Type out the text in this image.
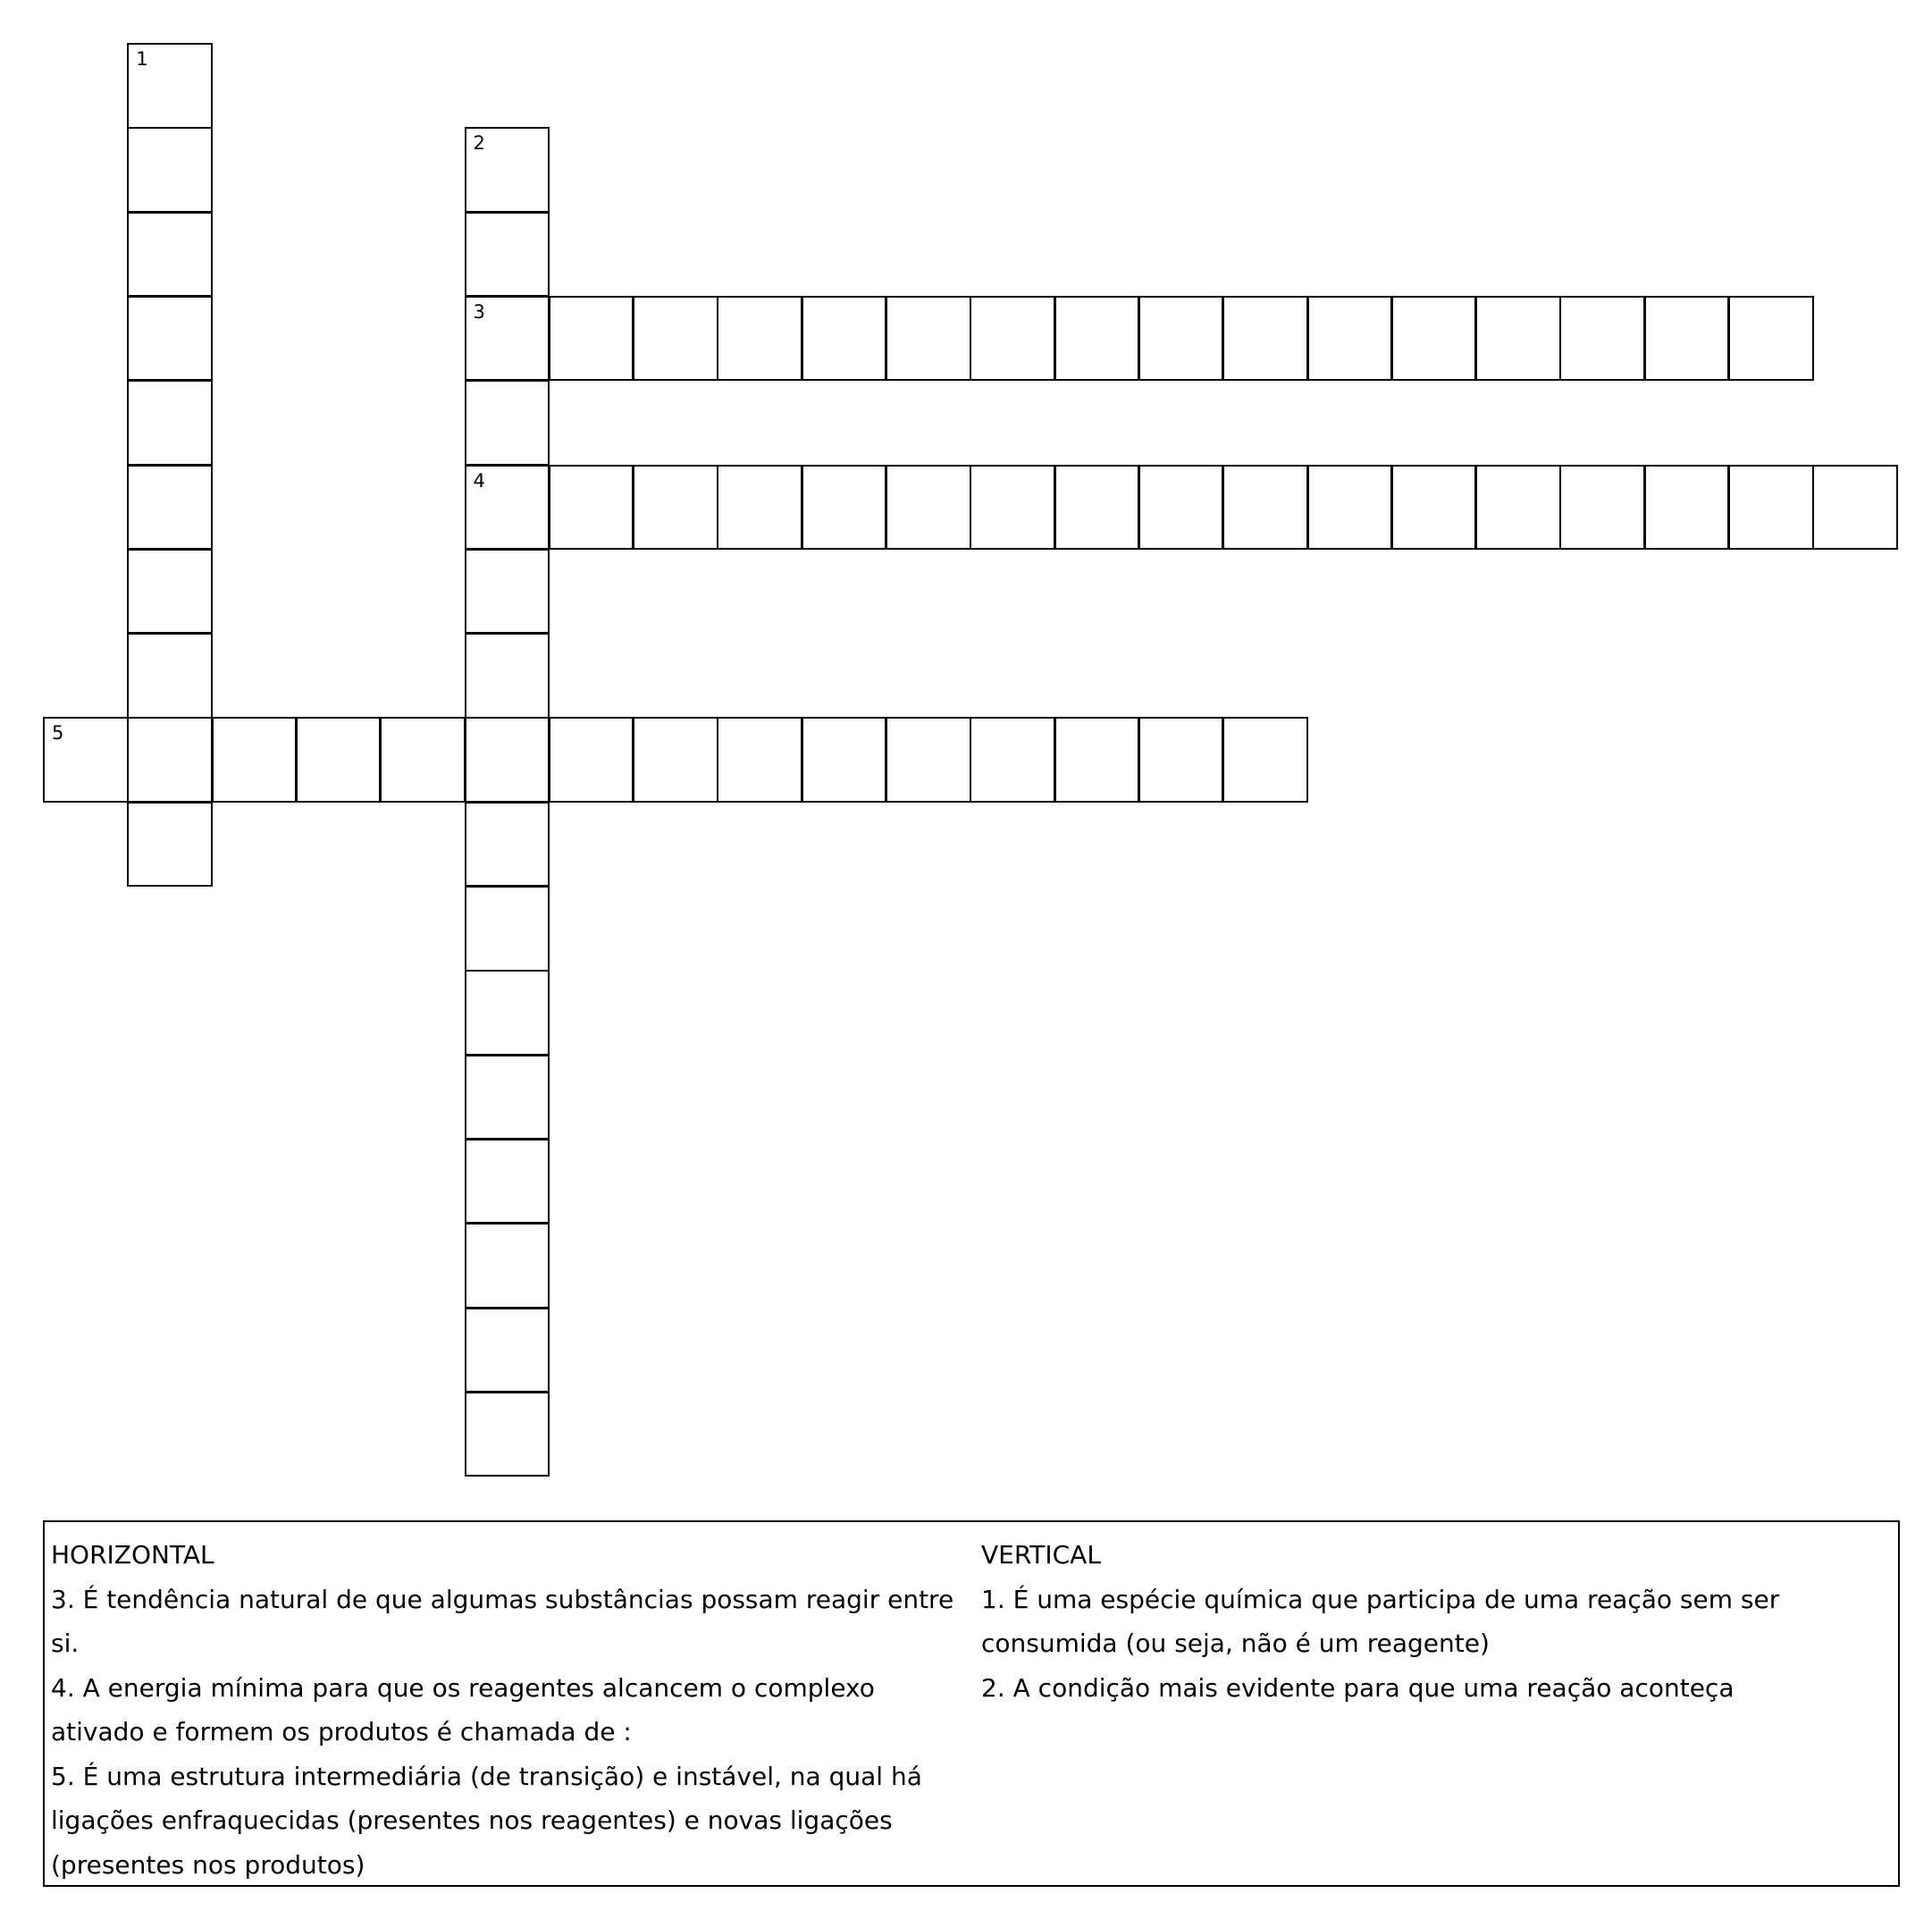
1
2
3
4
5
HORIZONTAL
3. É tendência natural de que algumas substâncias possam reagir entre si.
4. A energia mínima para que os reagentes alcancem o complexo ativado e formem os produtos é chamada de :
5. É uma estrutura intermediária (de transição) e instável, na qual há ligações enfraquecidas (presentes nos reagentes) e novas ligações (presentes nos produtos)
VERTICAL
1. É uma espécie química que participa de uma reação sem ser consumida (ou seja, não é um reagente)
2. A condição mais evidente para que uma reação aconteça
